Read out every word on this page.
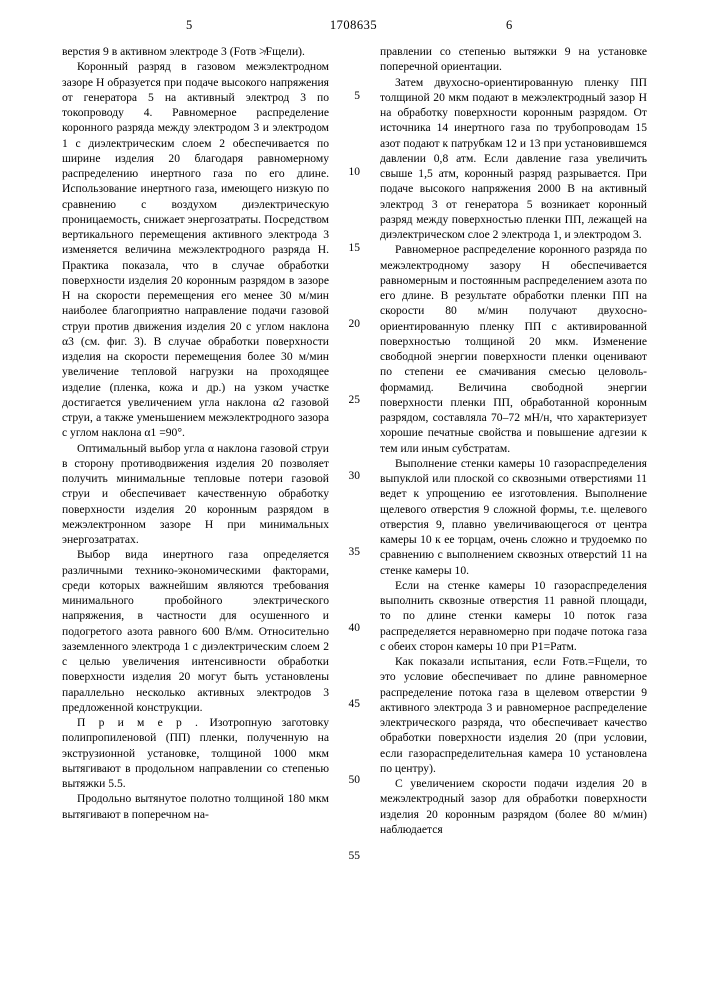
5	1708635	6
5
10
15
20
25
30
35
40
45
50
55

верстия 9 в активном электроде 3 (Fотв ≯Fщели).

Коронный разряд в газовом межэлектродном зазоре Н образуется при подаче высокого напряжения от генератора 5 на активный электрод 3 по токопроводу 4. Равномерное распределение коронного разряда между электродом 3 и электродом 1 с диэлектрическим слоем 2 обеспечивается по ширине изделия 20 благодаря равномерному распределению инертного газа по его длине. Использование инертного газа, имеющего низкую по сравнению с воздухом диэлектрическую проницаемость, снижает энергозатраты. Посредством вертикального перемещения активного электрода 3 изменяется величина межэлектродного разряда Н. Практика показала, что в случае обработки поверхности изделия 20 коронным разрядом в зазоре Н на скорости перемещения его менее 30 м/мин наиболее благоприятно направление подачи газовой струи против движения изделия 20 с углом наклона α3 (см. фиг. 3). В случае обработки поверхности изделия на скорости перемещения более 30 м/мин увеличение тепловой нагрузки на проходящее изделие (пленка, кожа и др.) на узком участке достигается увеличением угла наклона α2 газовой струи, а также уменьшением межэлектродного зазора с углом наклона α1 =90°.

Оптимальный выбор угла α наклона газовой струи в сторону противодвижения изделия 20 позволяет получить минимальные тепловые потери газовой струи и обеспечивает качественную обработку поверхности изделия 20 коронным разрядом в межэлектронном зазоре Н при минимальных энергозатратах.

Выбор вида инертного газа определяется различными технико-экономическими факторами, среди которых важнейшим являются требования минимального пробойного электрического напряжения, в частности для осушенного и подогретого азота равного 600 В/мм. Относительно заземленного электрода 1 с диэлектрическим слоем 2 с целью увеличения интенсивности обработки поверхности изделия 20 могут быть установлены параллельно несколько активных электродов 3 предложенной конструкции.

П р и м е р . Изотропную заготовку полипропиленовой (ПП) пленки, полученную на экструзионной установке, толщиной 1000 мкм вытягивают в продольном направлении со степенью вытяжки 5.5.

Продольно вытянутое полотно толщиной 180 мкм вытягивают в поперечном на-

правлении со степенью вытяжки 9 на установке поперечной ориентации.

Затем двухосно-ориентированную пленку ПП толщиной 20 мкм подают в межэлектродный зазор Н на обработку поверхности коронным разрядом. От источника 14 инертного газа по трубопроводам 15 азот подают к патрубкам 12 и 13 при установившемся давлении 0,8 атм. Если давление газа увеличить свыше 1,5 атм, коронный разряд разрывается. При подаче высокого напряжения 2000 В на активный электрод 3 от генератора 5 возникает коронный разряд между поверхностью пленки ПП, лежащей на диэлектрическом слое 2 электрода 1, и электродом 3.

Равномерное распределение коронного разряда по межэлектродному зазору Н обеспечивается равномерным и постоянным распределением азота по его длине. В результате обработки пленки ПП на скорости 80 м/мин получают двухосно-ориентированную пленку ПП с активированной поверхностью толщиной 20 мкм. Изменение свободной энергии поверхности пленки оценивают по степени ее смачивания смесью целоволь-формамид. Величина свободной энергии поверхности пленки ПП, обработанной коронным разрядом, составляла 70–72 мН/н, что характеризует хорошие печатные свойства и повышение адгезии к тем или иным субстратам.

Выполнение стенки камеры 10 газораспределения выпуклой или плоской со сквозными отверстиями 11 ведет к упрощению ее изготовления. Выполнение щелевого отверстия 9 сложной формы, т.е. щелевого отверстия 9, плавно увеличивающегося от центра камеры 10 к ее торцам, очень сложно и трудоемко по сравнению с выполнением сквозных отверстий 11 на стенке камеры 10.

Если на стенке камеры 10 газораспределения выполнить сквозные отверстия 11 равной площади, то по длине стенки камеры 10 поток газа распределяется неравномерно при подаче потока газа с обеих сторон камеры 10 при P1=Pатм.

Как показали испытания, если Fотв.=Fщели, то это условие обеспечивает по длине равномерное распределение потока газа в щелевом отверстии 9 активного электрода 3 и равномерное распределение электрического разряда, что обеспечивает качество обработки поверхности изделия 20 (при условии, если газораспределительная камера 10 установлена по центру).

С увеличением скорости подачи изделия 20 в межэлектродный зазор для обработки поверхности изделия 20 коронным разрядом (более 80 м/мин) наблюдается
